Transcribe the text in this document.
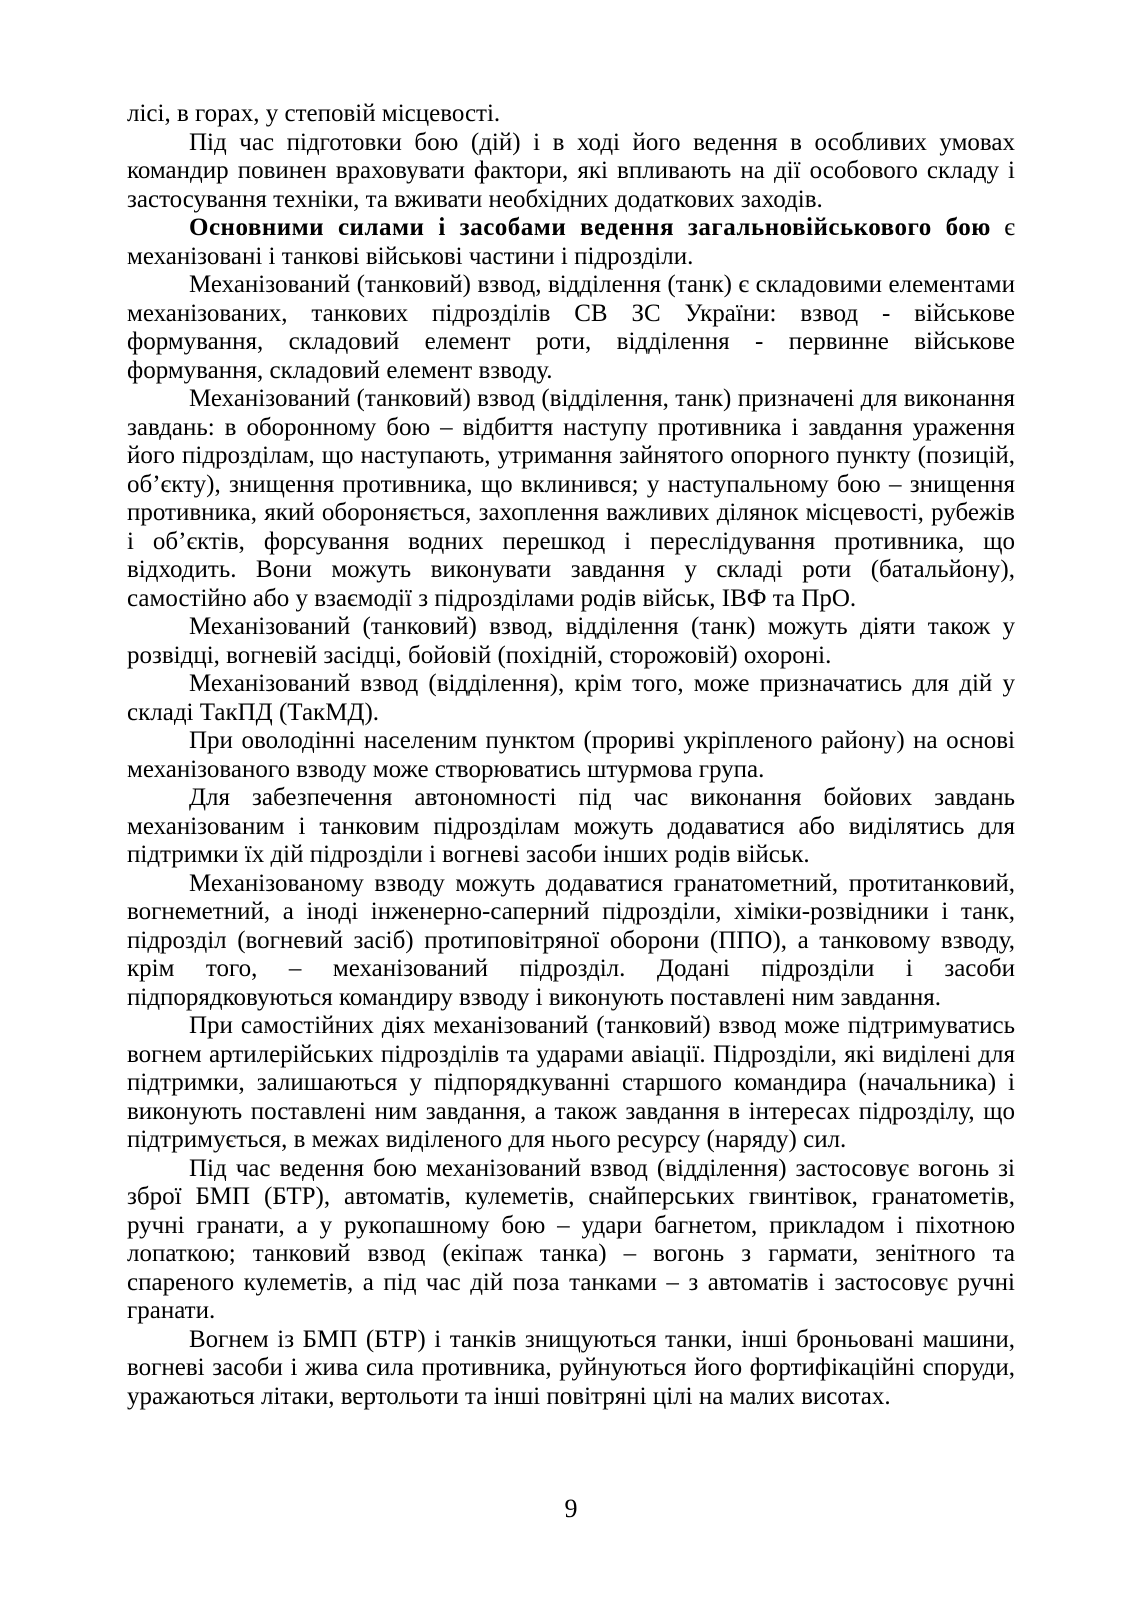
лісі, в горах, у степовій місцевості.

Під час підготовки бою (дій) і в ході його ведення в особливих умовах командир повинен враховувати фактори, які впливають на дії особового складу і застосування техніки, та вживати необхідних додаткових заходів.

Основними силами і засобами ведення загальновійськового бою є механізовані і танкові військові частини і підрозділи.

Механізований (танковий) взвод, відділення (танк) є складовими елементами механізованих, танкових підрозділів СВ ЗС України: взвод - військове формування, складовий елемент роти, відділення - первинне військове формування, складовий елемент взводу.

Механізований (танковий) взвод (відділення, танк) призначені для виконання завдань: в оборонному бою – відбиття наступу противника і завдання ураження його підрозділам, що наступають, утримання зайнятого опорного пункту (позицій, об’єкту), знищення противника, що вклинився; у наступальному бою – знищення противника, який обороняється, захоплення важливих ділянок місцевості, рубежів і об’єктів, форсування водних перешкод і переслідування противника, що відходить. Вони можуть виконувати завдання у складі роти (батальйону), самостійно або у взаємодії з підрозділами родів військ, ІВФ та ПрО.

Механізований (танковий) взвод, відділення (танк) можуть діяти також у розвідці, вогневій засідці, бойовій (похідній, сторожовій) охороні.

Механізований взвод (відділення), крім того, може призначатись для дій у складі ТакПД (ТакМД).

При оволодінні населеним пунктом (прориві укріпленого району) на основі механізованого взводу може створюватись штурмова група.

Для забезпечення автономності під час виконання бойових завдань механізованим і танковим підрозділам можуть додаватися або виділятись для підтримки їх дій підрозділи і вогневі засоби інших родів військ.

Механізованому взводу можуть додаватися гранатометний, протитанковий, вогнеметний, а іноді інженерно-саперний підрозділи, хіміки-розвідники і танк, підрозділ (вогневий засіб) протиповітряної оборони (ППО), а танковому взводу, крім того, – механізований підрозділ. Додані підрозділи і засоби підпорядковуються командиру взводу і виконують поставлені ним завдання.

При самостійних діях механізований (танковий) взвод може підтримуватись вогнем артилерійських підрозділів та ударами авіації. Підрозділи, які виділені для підтримки, залишаються у підпорядкуванні старшого командира (начальника) і виконують поставлені ним завдання, а також завдання в інтересах підрозділу, що підтримується, в межах виділеного для нього ресурсу (наряду) сил.

Під час ведення бою механізований взвод (відділення) застосовує вогонь зі зброї БМП (БТР), автоматів, кулеметів, снайперських гвинтівок, гранатометів, ручні гранати, а у рукопашному бою – удари багнетом, прикладом і піхотною лопаткою; танковий взвод (екіпаж танка) – вогонь з гармати, зенітного та спареного кулеметів, а під час дій поза танками – з автоматів і застосовує ручні гранати.

Вогнем із БМП (БТР) і танків знищуються танки, інші броньовані машини, вогневі засоби і жива сила противника, руйнуються його фортифікаційні споруди, уражаються літаки, вертольоти та інші повітряні цілі на малих висотах.

9
